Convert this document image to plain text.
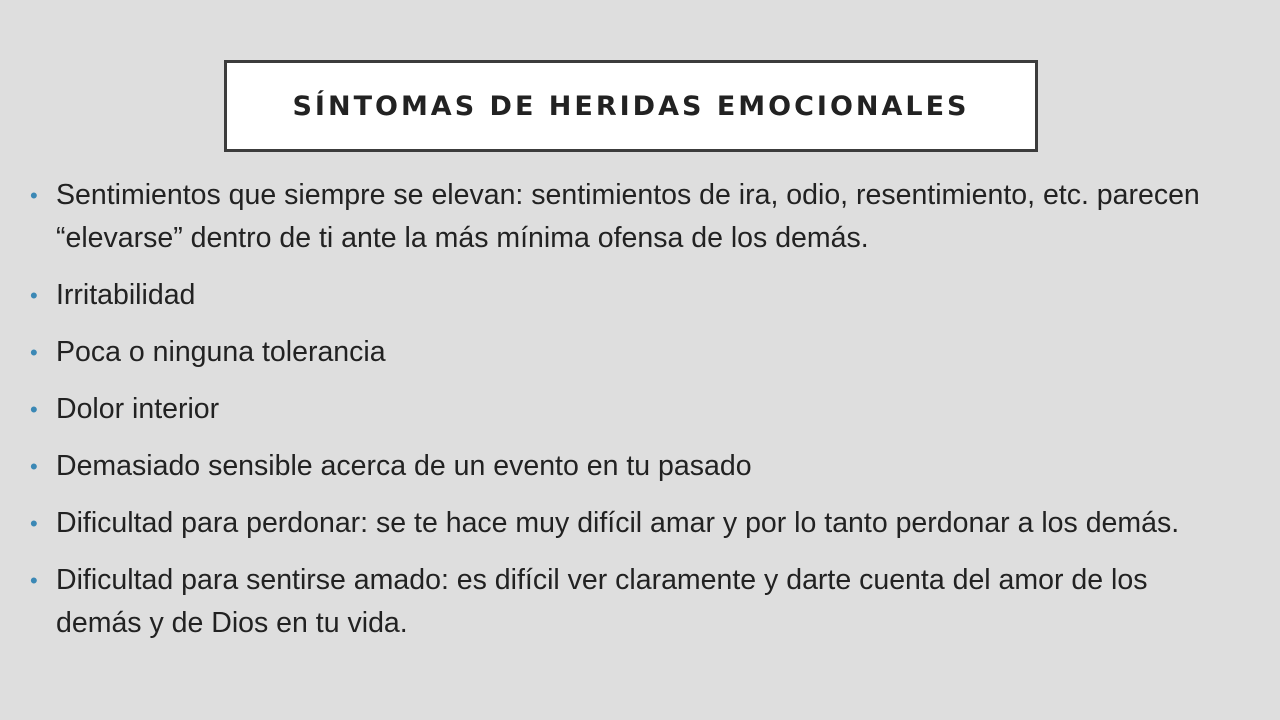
SÍNTOMAS DE HERIDAS EMOCIONALES
• Sentimientos que siempre se elevan: sentimientos de ira, odio, resentimiento, etc. parecen “elevarse” dentro de ti ante la más mínima ofensa de los demás.
• Irritabilidad
• Poca o ninguna tolerancia
• Dolor interior
• Demasiado sensible acerca de un evento en tu pasado
• Dificultad para perdonar: se te hace muy difícil amar y por lo tanto perdonar a los demás.
• Dificultad para sentirse amado: es difícil ver claramente y darte cuenta del amor de los demás y de Dios en tu vida.
